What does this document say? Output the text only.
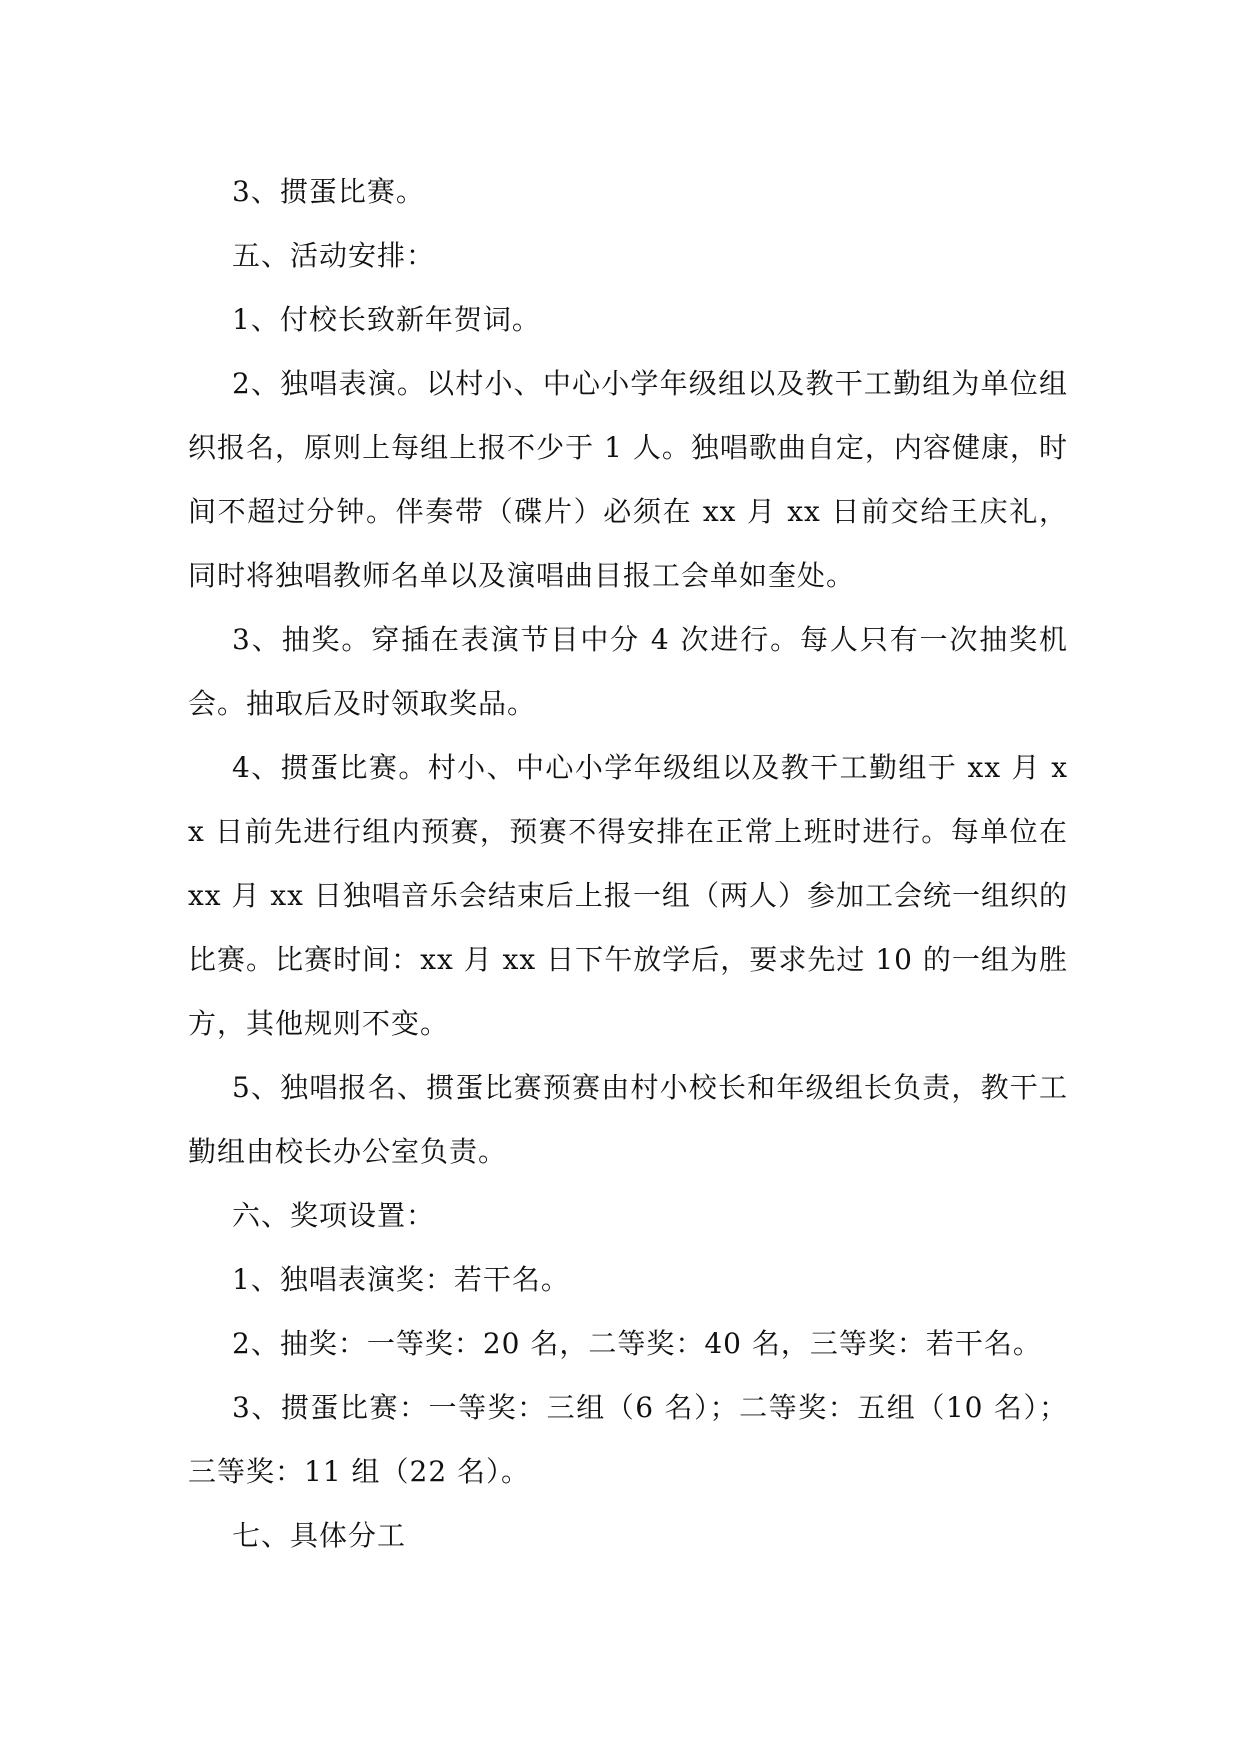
3、掼蛋比赛。

五、活动安排：

1、付校长致新年贺词。

2、独唱表演。以村小、中心小学年级组以及教干工勤组为单位组织报名，原则上每组上报不少于 1 人。独唱歌曲自定，内容健康，时间不超过分钟。伴奏带（碟片）必须在 xx 月 xx 日前交给王庆礼，同时将独唱教师名单以及演唱曲目报工会单如奎处。

3、抽奖。穿插在表演节目中分 4 次进行。每人只有一次抽奖机会。抽取后及时领取奖品。

4、掼蛋比赛。村小、中心小学年级组以及教干工勤组于 xx 月 xx 日前先进行组内预赛，预赛不得安排在正常上班时进行。每单位在 xx 月 xx 日独唱音乐会结束后上报一组（两人）参加工会统一组织的比赛。比赛时间：xx 月 xx 日下午放学后，要求先过 10 的一组为胜方，其他规则不变。

5、独唱报名、掼蛋比赛预赛由村小校长和年级组长负责，教干工勤组由校长办公室负责。

六、奖项设置：

1、独唱表演奖：若干名。

2、抽奖：一等奖：20 名，二等奖：40 名，三等奖：若干名。

3、掼蛋比赛：一等奖：三组（6 名）；二等奖：五组（10 名）；三等奖：11 组（22 名）。

七、具体分工
